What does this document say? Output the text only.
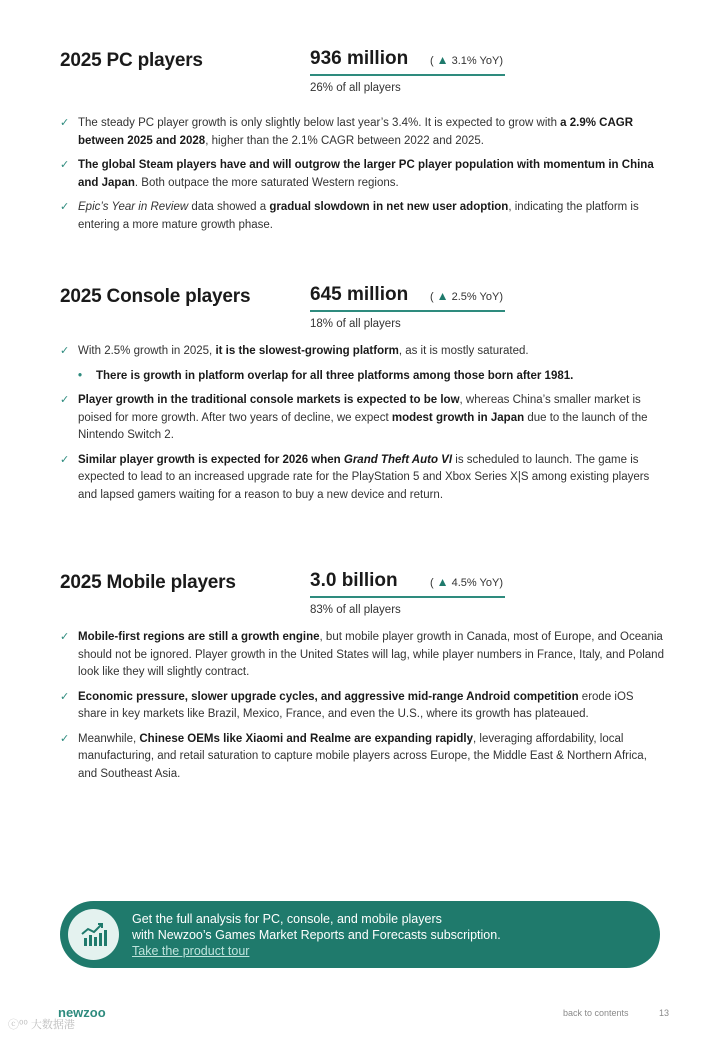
2025 PC players	936 million ( ▲ 3.1% YoY)
26% of all players
✓ The steady PC player growth is only slightly below last year’s 3.4%. It is expected to grow with a 2.9% CAGR between 2025 and 2028, higher than the 2.1% CAGR between 2022 and 2025.
✓ The global Steam players have and will outgrow the larger PC player population with momentum in China and Japan. Both outpace the more saturated Western regions.
✓ Epic’s Year in Review data showed a gradual slowdown in net new user adoption, indicating the platform is entering a more mature growth phase.
2025 Console players	645 million ( ▲ 2.5% YoY)
18% of all players
✓ With 2.5% growth in 2025, it is the slowest-growing platform, as it is mostly saturated.
• There is growth in platform overlap for all three platforms among those born after 1981.
✓ Player growth in the traditional console markets is expected to be low, whereas China’s smaller market is poised for more growth. After two years of decline, we expect modest growth in Japan due to the launch of the Nintendo Switch 2.
✓ Similar player growth is expected for 2026 when Grand Theft Auto VI is scheduled to launch. The game is expected to lead to an increased upgrade rate for the PlayStation 5 and Xbox Series X|S among existing players and lapsed gamers waiting for a reason to buy a new device and return.
2025 Mobile players	3.0 billion	( ▲ 4.5% YoY)
83% of all players
✓ Mobile-first regions are still a growth engine, but mobile player growth in Canada, most of Europe, and Oceania should not be ignored. Player growth in the United States will lag, while player numbers in France, Italy, and Poland look like they will slightly contract.
✓ Economic pressure, slower upgrade cycles, and aggressive mid-range Android competition erode iOS share in key markets like Brazil, Mexico, France, and even the U.S., where its growth has plateaued.
✓ Meanwhile, Chinese OEMs like Xiaomi and Realme are expanding rapidly, leveraging affordability, local manufacturing, and retail saturation to capture mobile players across Europe, the Middle East & Northern Africa, and Southeast Asia.
Get the full analysis for PC, console, and mobile players
with Newzoo’s Games Market Reports and Forecasts subscription.
Take the product tour
newzoo
ⓒ⁰⁰ 大数据港
back to contents	13
